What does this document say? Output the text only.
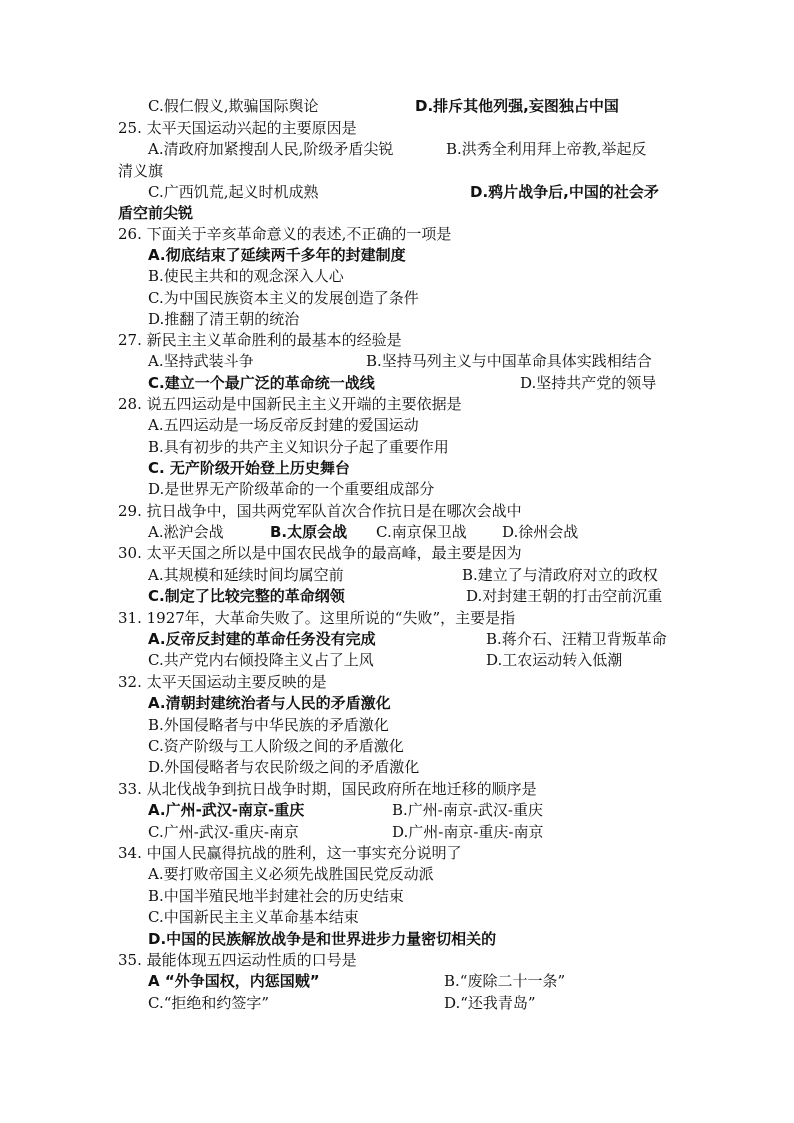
C.假仁假义,欺骗国际舆论	D.排斥其他列强,妄图独占中国
25. 太平天国运动兴起的主要原因是
A.清政府加紧搜刮人民,阶级矛盾尖锐	B.洪秀全利用拜上帝教,举起反
清义旗
C.广西饥荒,起义时机成熟	D.鸦片战争后,中国的社会矛
盾空前尖锐
26. 下面关于辛亥革命意义的表述,不正确的一项是
A.彻底结束了延续两千多年的封建制度
B.使民主共和的观念深入人心
C.为中国民族资本主义的发展创造了条件
D.推翻了清王朝的统治
27. 新民主主义革命胜利的最基本的经验是
A.坚持武装斗争	B.坚持马列主义与中国革命具体实践相结合
C.建立一个最广泛的革命统一战线	D.坚持共产党的领导
28. 说五四运动是中国新民主主义开端的主要依据是
A.五四运动是一场反帝反封建的爱国运动
B.具有初步的共产主义知识分子起了重要作用
C. 无产阶级开始登上历史舞台
D.是世界无产阶级革命的一个重要组成部分
29. 抗日战争中，国共两党军队首次合作抗日是在哪次会战中
A.淞沪会战	B.太原会战 C.南京保卫战 D.徐州会战
30. 太平天国之所以是中国农民战争的最高峰，最主要是因为
A.其规模和延续时间均属空前	B.建立了与清政府对立的政权
C.制定了比较完整的革命纲领	D.对封建王朝的打击空前沉重
31. 1927年，大革命失败了。这里所说的“失败”，主要是指
A.反帝反封建的革命任务没有完成	B.蒋介石、汪精卫背叛革命
C.共产党内右倾投降主义占了上风	D.工农运动转入低潮
32. 太平天国运动主要反映的是
A.清朝封建统治者与人民的矛盾激化
B.外国侵略者与中华民族的矛盾激化
C.资产阶级与工人阶级之间的矛盾激化
D.外国侵略者与农民阶级之间的矛盾激化
33. 从北伐战争到抗日战争时期，国民政府所在地迁移的顺序是
A.广州-武汉-南京-重庆	B.广州-南京-武汉-重庆
C.广州-武汉-重庆-南京	D.广州-南京-重庆-南京
34. 中国人民赢得抗战的胜利，这一事实充分说明了
A.要打败帝国主义必须先战胜国民党反动派
B.中国半殖民地半封建社会的历史结束
C.中国新民主主义革命基本结束
D.中国的民族解放战争是和世界进步力量密切相关的
35. 最能体现五四运动性质的口号是
A “外争国权，内惩国贼”	B.“废除二十一条”
C.“拒绝和约签字”	D.“还我青岛”
